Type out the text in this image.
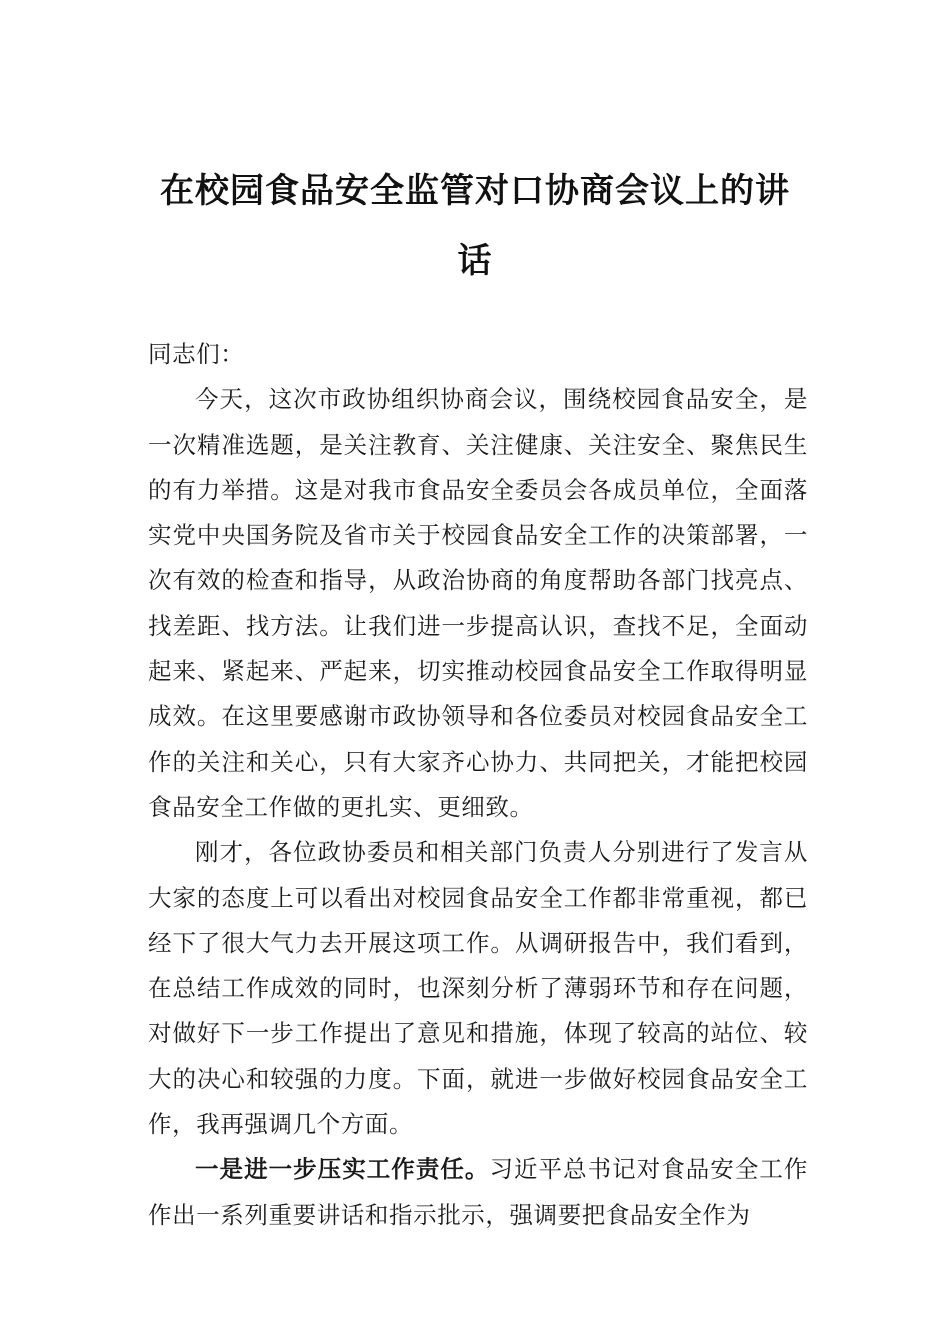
在校园食品安全监管对口协商会议上的讲话

同志们：

今天，这次市政协组织协商会议，围绕校园食品安全，是一次精准选题，是关注教育、关注健康、关注安全、聚焦民生的有力举措。这是对我市食品安全委员会各成员单位，全面落实党中央国务院及省市关于校园食品安全工作的决策部署，一次有效的检查和指导，从政治协商的角度帮助各部门找亮点、找差距、找方法。让我们进一步提高认识，查找不足，全面动起来、紧起来、严起来，切实推动校园食品安全工作取得明显成效。在这里要感谢市政协领导和各位委员对校园食品安全工作的关注和关心，只有大家齐心协力、共同把关，才能把校园食品安全工作做的更扎实、更细致。

刚才，各位政协委员和相关部门负责人分别进行了发言从大家的态度上可以看出对校园食品安全工作都非常重视，都已经下了很大气力去开展这项工作。从调研报告中，我们看到，在总结工作成效的同时，也深刻分析了薄弱环节和存在问题，对做好下一步工作提出了意见和措施，体现了较高的站位、较大的决心和较强的力度。下面，就进一步做好校园食品安全工作，我再强调几个方面。

一是进一步压实工作责任。习近平总书记对食品安全工作作出一系列重要讲话和指示批示，强调要把食品安全作为
